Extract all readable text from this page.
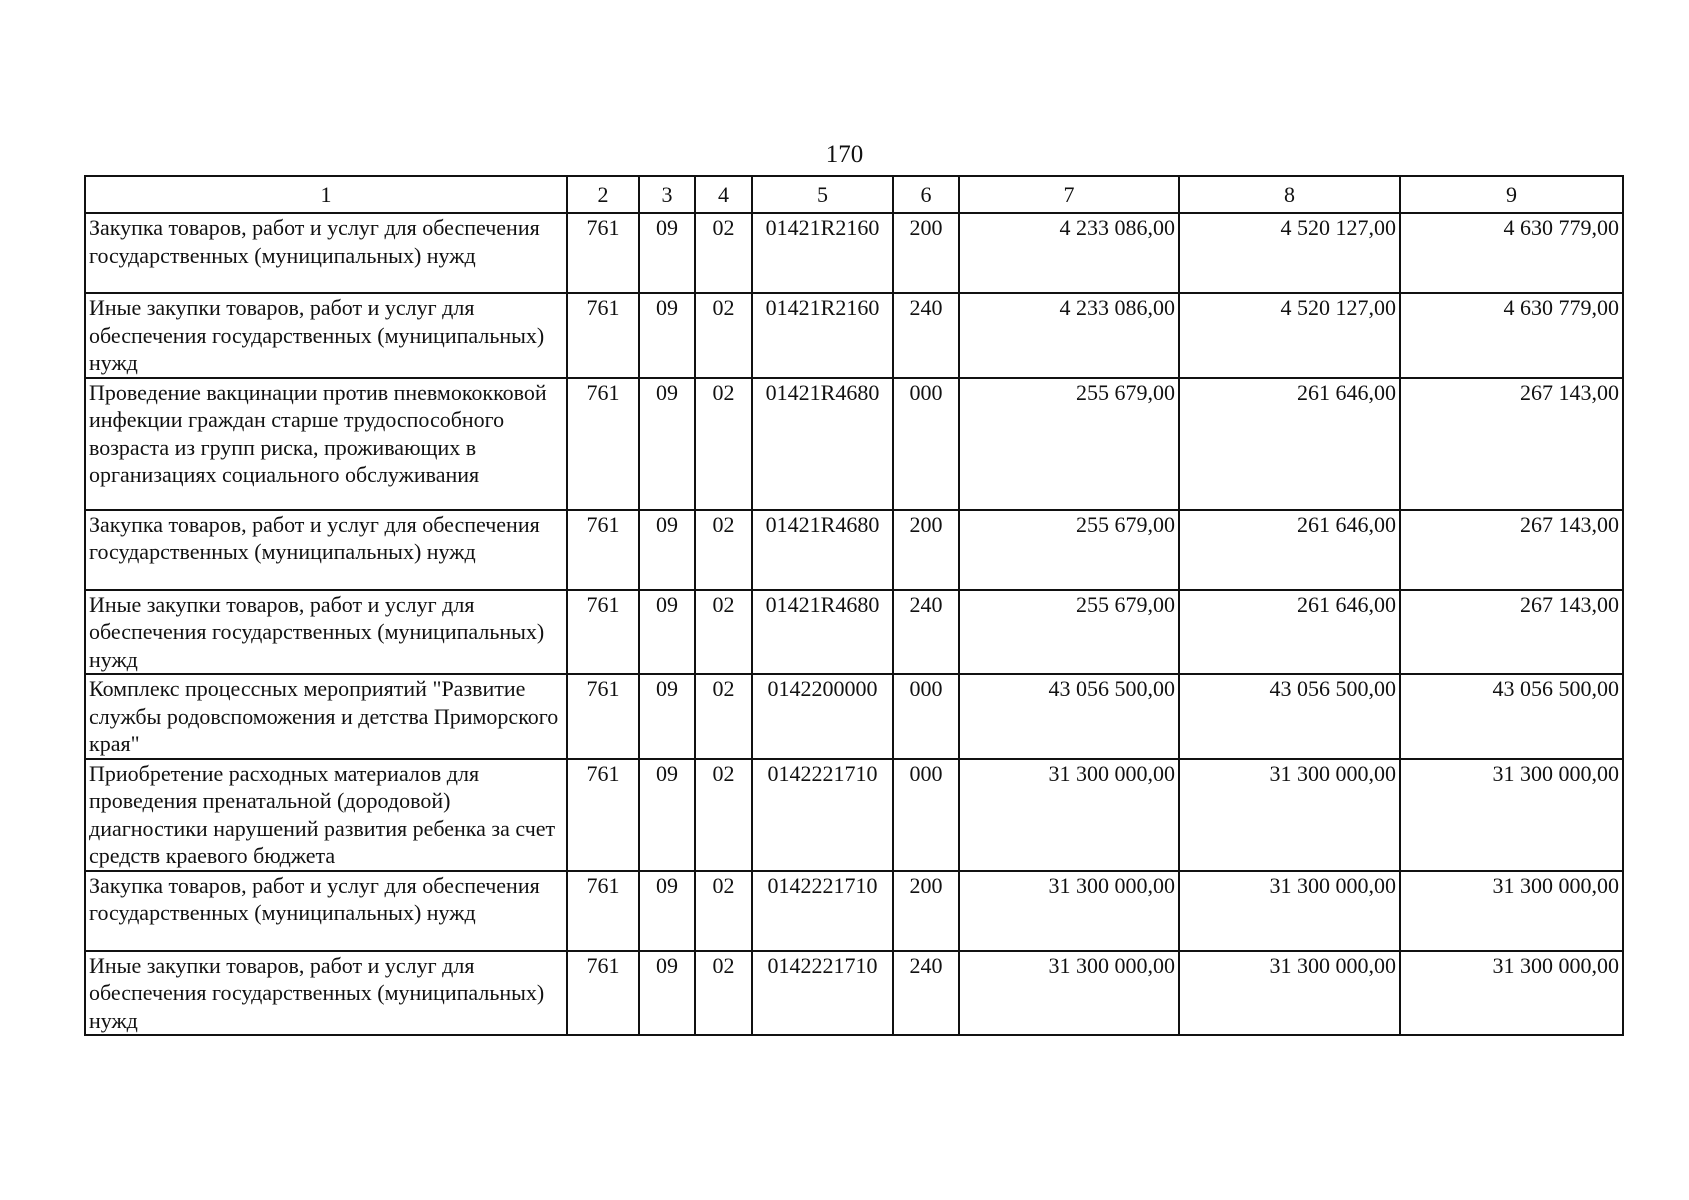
170
1	2	3	4	5	6	7	8	9
Закупка товаров, работ и услуг для обеспечения государственных (муниципальных) нужд	761	09	02	01421R2160	200	4 233 086,00	4 520 127,00	4 630 779,00
Иные закупки товаров, работ и услуг для обеспечения государственных (муниципальных) нужд	761	09	02	01421R2160	240	4 233 086,00	4 520 127,00	4 630 779,00
Проведение вакцинации против пневмококковой инфекции граждан старше трудоспособного возраста из групп риска, проживающих в организациях социального обслуживания	761	09	02	01421R4680	000	255 679,00	261 646,00	267 143,00
Закупка товаров, работ и услуг для обеспечения государственных (муниципальных) нужд	761	09	02	01421R4680	200	255 679,00	261 646,00	267 143,00
Иные закупки товаров, работ и услуг для обеспечения государственных (муниципальных) нужд	761	09	02	01421R4680	240	255 679,00	261 646,00	267 143,00
Комплекс процессных мероприятий "Развитие службы родовспоможения и детства Приморского края"	761	09	02	0142200000	000	43 056 500,00	43 056 500,00	43 056 500,00
Приобретение расходных материалов для проведения пренатальной (дородовой) диагностики нарушений развития ребенка за счет средств краевого бюджета	761	09	02	0142221710	000	31 300 000,00	31 300 000,00	31 300 000,00
Закупка товаров, работ и услуг для обеспечения государственных (муниципальных) нужд	761	09	02	0142221710	200	31 300 000,00	31 300 000,00	31 300 000,00
Иные закупки товаров, работ и услуг для обеспечения государственных (муниципальных) нужд	761	09	02	0142221710	240	31 300 000,00	31 300 000,00	31 300 000,00
